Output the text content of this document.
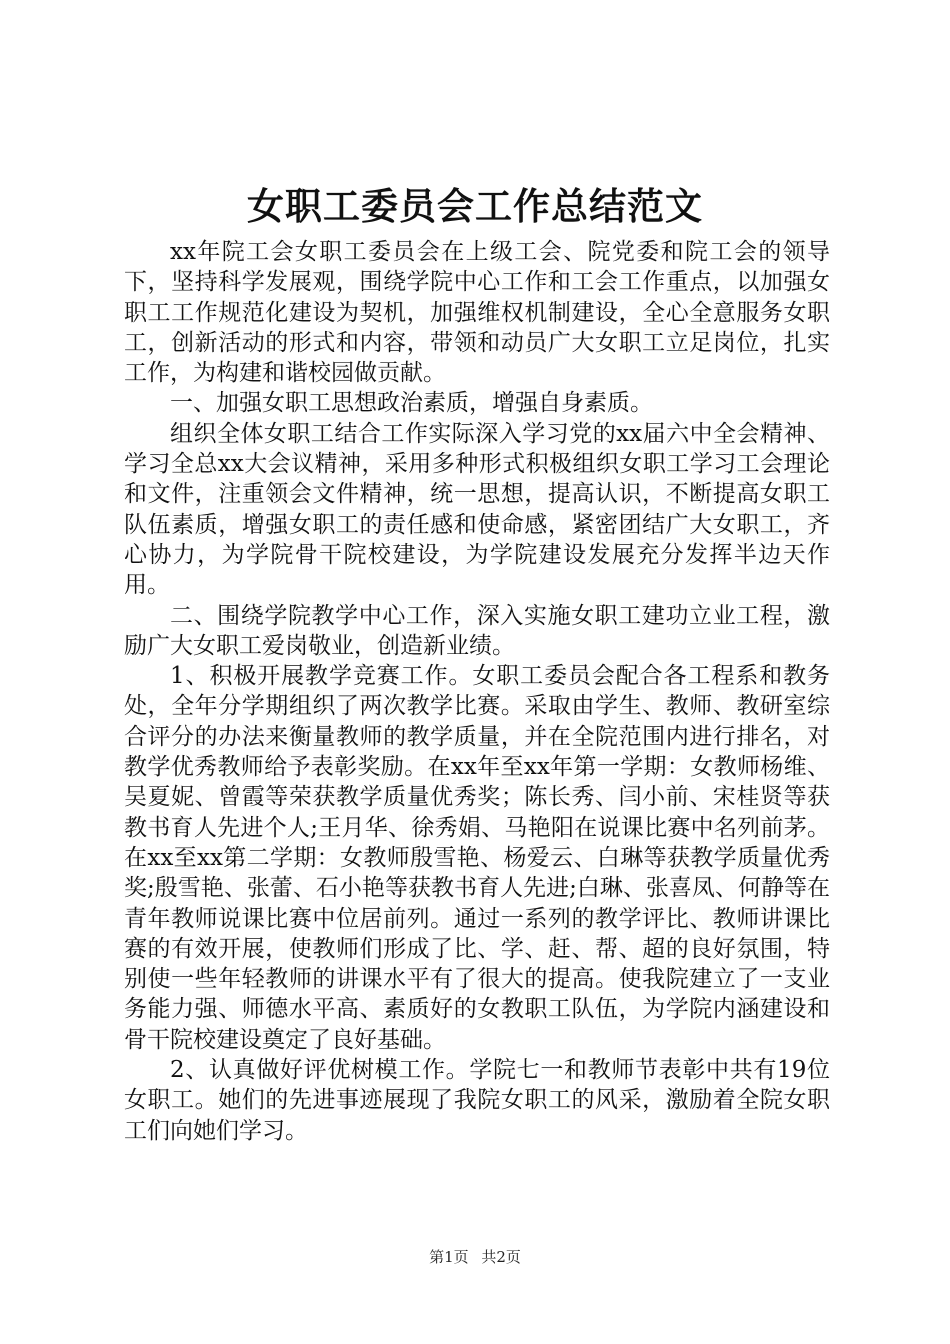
女职工委员会工作总结范文

xx年院工会女职工委员会在上级工会、院党委和院工会的领导下，坚持科学发展观，围绕学院中心工作和工会工作重点，以加强女职工工作规范化建设为契机，加强维权机制建设，全心全意服务女职工，创新活动的形式和内容，带领和动员广大女职工立足岗位，扎实工作，为构建和谐校园做贡献。

一、加强女职工思想政治素质，增强自身素质。

组织全体女职工结合工作实际深入学习党的xx届六中全会精神、学习全总xx大会议精神，采用多种形式积极组织女职工学习工会理论和文件，注重领会文件精神，统一思想，提高认识，不断提高女职工队伍素质，增强女职工的责任感和使命感，紧密团结广大女职工，齐心协力，为学院骨干院校建设，为学院建设发展充分发挥半边天作用。

二、围绕学院教学中心工作，深入实施女职工建功立业工程，激励广大女职工爱岗敬业，创造新业绩。

1、积极开展教学竞赛工作。女职工委员会配合各工程系和教务处，全年分学期组织了两次教学比赛。采取由学生、教师、教研室综合评分的办法来衡量教师的教学质量，并在全院范围内进行排名，对教学优秀教师给予表彰奖励。在xx年至xx年第一学期：女教师杨维、吴夏妮、曾霞等荣获教学质量优秀奖；陈长秀、闫小前、宋桂贤等获教书育人先进个人;王月华、徐秀娟、马艳阳在说课比赛中名列前茅。在xx至xx第二学期：女教师殷雪艳、杨爱云、白琳等获教学质量优秀奖;殷雪艳、张蕾、石小艳等获教书育人先进;白琳、张喜凤、何静等在青年教师说课比赛中位居前列。通过一系列的教学评比、教师讲课比赛的有效开展，使教师们形成了比、学、赶、帮、超的良好氛围，特别使一些年轻教师的讲课水平有了很大的提高。使我院建立了一支业务能力强、师德水平高、素质好的女教职工队伍，为学院内涵建设和骨干院校建设奠定了良好基础。

2、认真做好评优树模工作。学院七一和教师节表彰中共有19位女职工。她们的先进事迹展现了我院女职工的风采，激励着全院女职工们向她们学习。

第1页 共2页
